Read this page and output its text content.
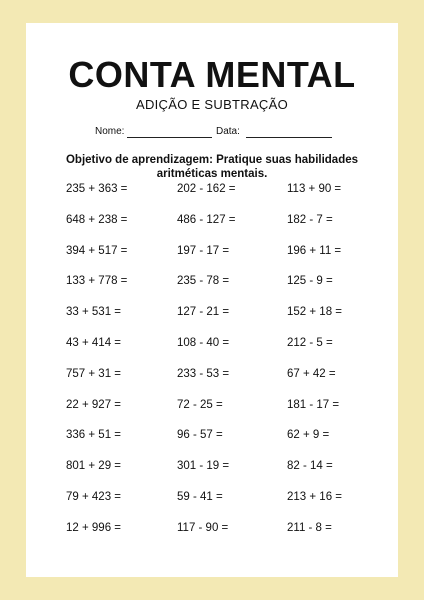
CONTA MENTAL
ADIÇÃO E SUBTRAÇÃO
Nome:	Data:
Objetivo de aprendizagem: Pratique suas habilidades aritméticas mentais.
235 + 363 =	202 - 162 =	113 + 90 =
648 + 238 =	486 - 127 =	182 - 7 =
394 + 517 =	197 - 17 =	196 + 11 =
133 + 778 =	235 - 78 =	125 - 9 =
33 + 531 =	127 - 21 =	152 + 18 =
43 + 414 =	108 - 40 =	212 - 5 =
757 + 31 =	233 - 53 =	67 + 42 =
22 + 927 =	72 - 25 =	181 - 17 =
336 + 51 =	96 - 57 =	62 + 9 =
801 + 29 =	301 - 19 =	82 - 14 =
79 + 423 =	59 - 41 =	213 + 16 =
12 + 996 =	117 - 90 =	211 - 8 =
